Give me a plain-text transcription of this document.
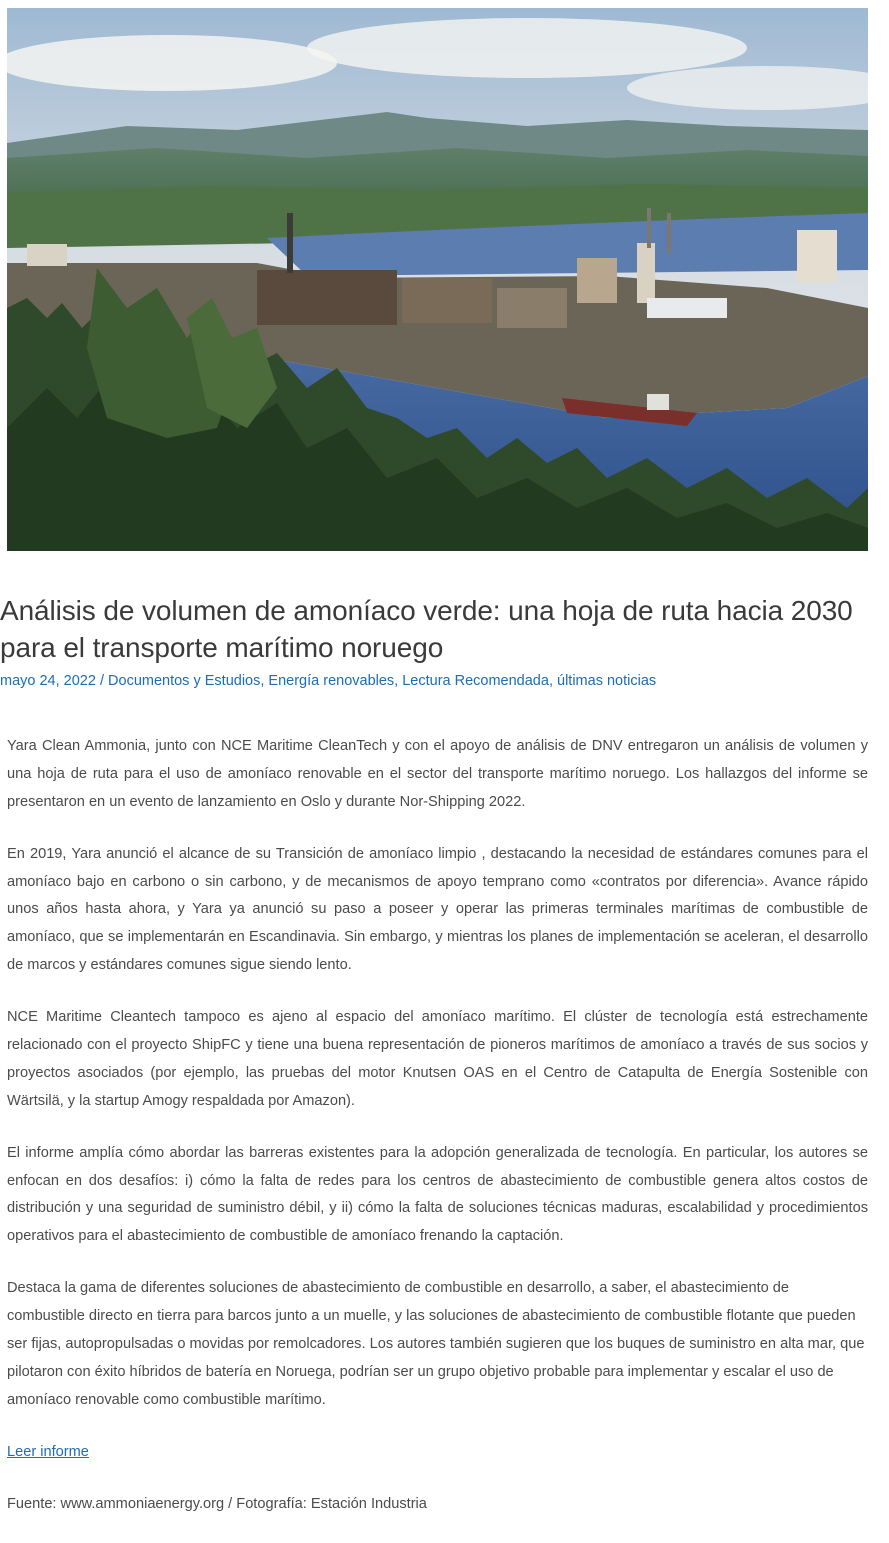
Análisis de volumen de amoníaco verde: una hoja de ruta hacia 2030 para el transporte marítimo noruego
mayo 24, 2022 / Documentos y Estudios, Energía renovables, Lectura Recomendada, últimas noticias

Yara Clean Ammonia, junto con NCE Maritime CleanTech y con el apoyo de análisis de DNV entregaron un análisis de volumen y una hoja de ruta para el uso de amoníaco renovable en el sector del transporte marítimo noruego. Los hallazgos del informe se presentaron en un evento de lanzamiento en Oslo y durante Nor-Shipping 2022.

En 2019, Yara anunció el alcance de su Transición de amoníaco limpio , destacando la necesidad de estándares comunes para el amoníaco bajo en carbono o sin carbono, y de mecanismos de apoyo temprano como «contratos por diferencia». Avance rápido unos años hasta ahora, y Yara ya anunció su paso a poseer y operar las primeras terminales marítimas de combustible de amoníaco, que se implementarán en Escandinavia. Sin embargo, y mientras los planes de implementación se aceleran, el desarrollo de marcos y estándares comunes sigue siendo lento.

NCE Maritime Cleantech tampoco es ajeno al espacio del amoníaco marítimo. El clúster de tecnología está estrechamente relacionado con el proyecto ShipFC y tiene una buena representación de pioneros marítimos de amoníaco a través de sus socios y proyectos asociados (por ejemplo, las pruebas del motor Knutsen OAS en el Centro de Catapulta de Energía Sostenible con Wärtsilä, y la startup Amogy respaldada por Amazon).

El informe amplía cómo abordar las barreras existentes para la adopción generalizada de tecnología. En particular, los autores se enfocan en dos desafíos: i) cómo la falta de redes para los centros de abastecimiento de combustible genera altos costos de distribución y una seguridad de suministro débil, y ii) cómo la falta de soluciones técnicas maduras, escalabilidad y procedimientos operativos para el abastecimiento de combustible de amoníaco frenando la captación.

Destaca la gama de diferentes soluciones de abastecimiento de combustible en desarrollo, a saber, el abastecimiento de combustible directo en tierra para barcos junto a un muelle, y las soluciones de abastecimiento de combustible flotante que pueden ser fijas, autopropulsadas o movidas por remolcadores. Los autores también sugieren que los buques de suministro en alta mar, que pilotaron con éxito híbridos de batería en Noruega, podrían ser un grupo objetivo probable para implementar y escalar el uso de amoníaco renovable como combustible marítimo.

Leer informe

Fuente: www.ammoniaenergy.org / Fotografía: Estación Industria
